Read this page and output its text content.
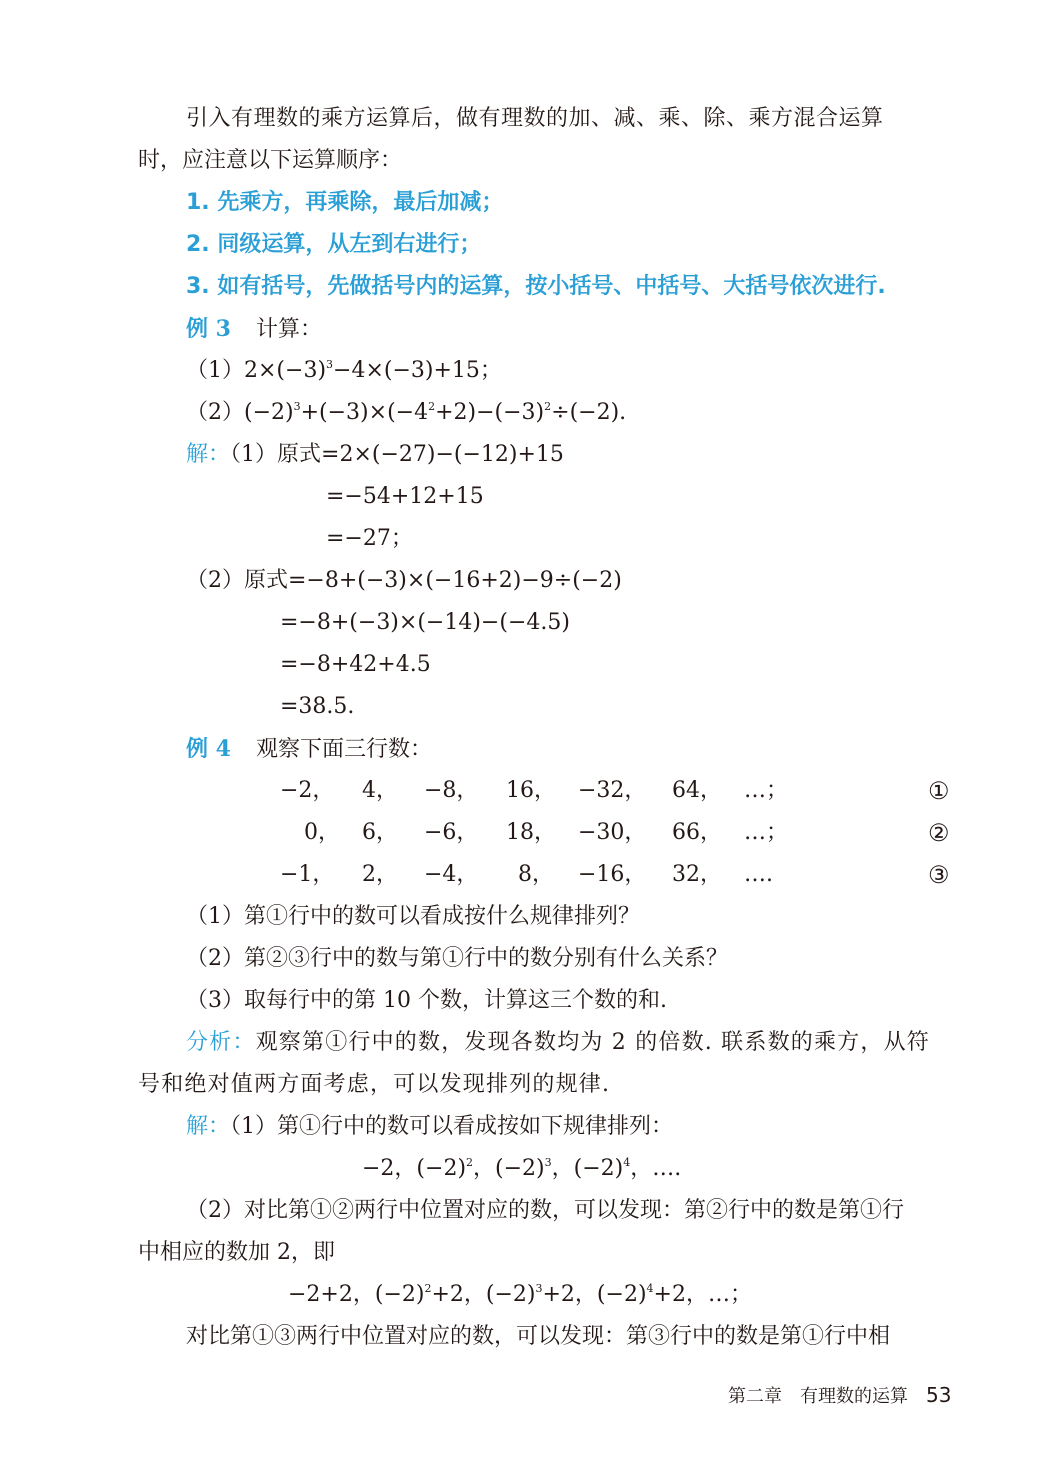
引入有理数的乘方运算后，做有理数的加、减、乘、除、乘方混合运算
时，应注意以下运算顺序：
1. 先乘方，再乘除，最后加减；
2. 同级运算，从左到右进行；
3. 如有括号，先做括号内的运算，按小括号、中括号、大括号依次进行.
例 3 计算：
$(1)2\times(-3)^3-4\times(-3)+15$；
$(2)(-2)^3+(-3)\times(-4^2+2)-(-3)^2\div(-2)$.
解：（1）原式=2×(−27)−(−12)+15
=−54+12+15
=−27；
（2）原式=−8+(−3)×(−16+2)−9÷(−2)
=−8+(−3)×(−14)−(−4.5)
=−8+42+4.5
=38.5.
例 4 观察下面三行数：
−2， 4， −8， 16， −32， 64， …；	①
0， 6， −6， 18， −30， 66， …；	②
−1， 2， −4， 8， −16， 32， ….	③
（1）第①行中的数可以看成按什么规律排列？
（2）第②③行中的数与第①行中的数分别有什么关系？
（3）取每行中的第 10 个数，计算这三个数的和.
分析：观察第①行中的数，发现各数均为 2 的倍数. 联系数的乘方，从符
号和绝对值两方面考虑，可以发现排列的规律.
解：（1）第①行中的数可以看成按如下规律排列：
−2，$(-2)^2$，$(-2)^3$，$(-2)^4$，….
（2）对比第①②两行中位置对应的数，可以发现：第②行中的数是第①行
中相应的数加 2，即
−2+2，$(-2)^2+2$，$(-2)^3+2$，$(-2)^4+2$，…；
对比第①③两行中位置对应的数，可以发现：第③行中的数是第①行中相
第二章　有理数的运算 53
